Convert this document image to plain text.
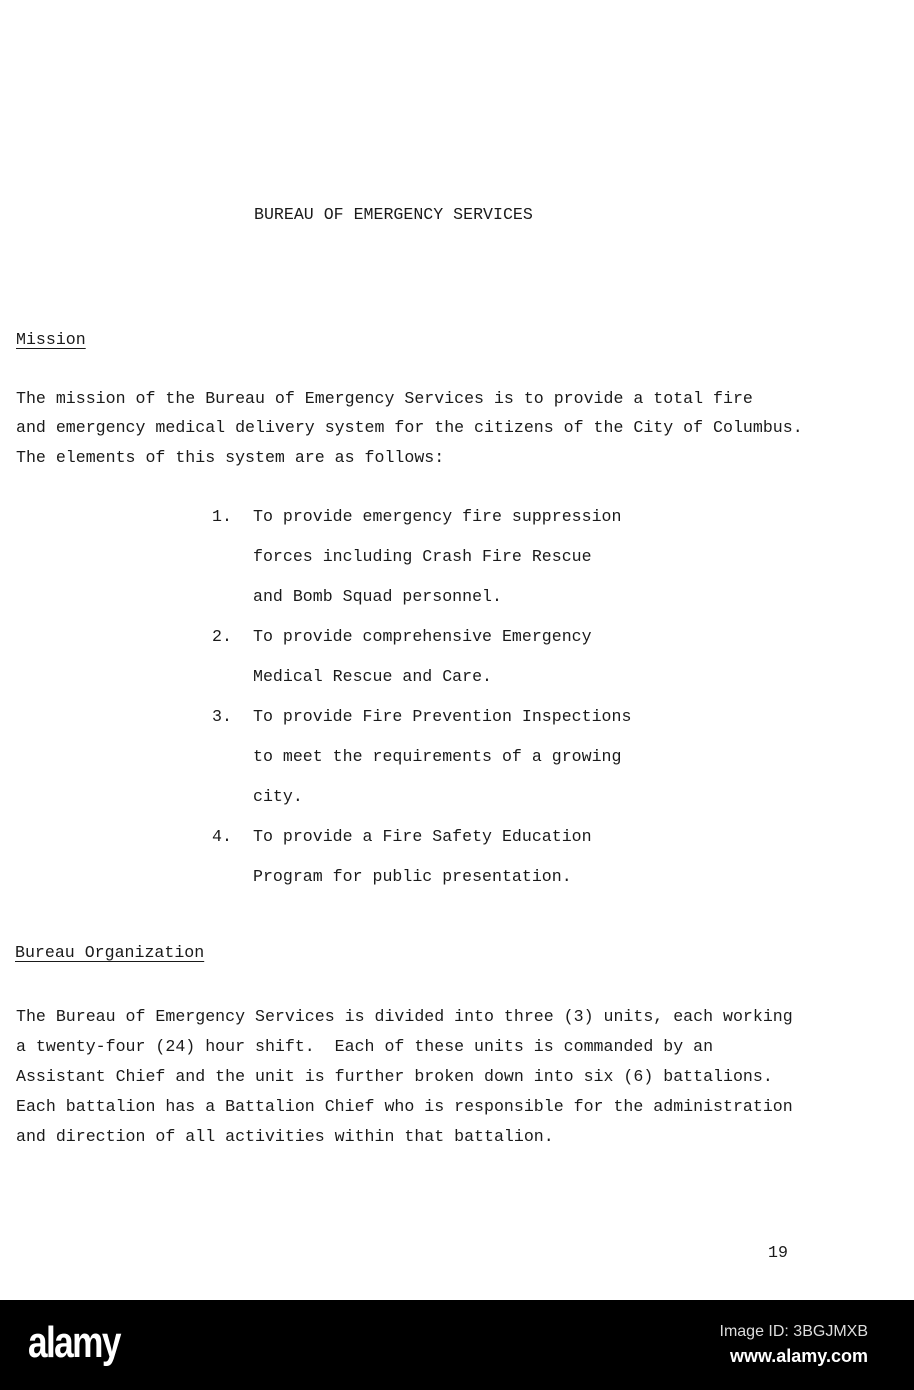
BUREAU OF EMERGENCY SERVICES
Mission
The mission of the Bureau of Emergency Services is to provide a total fire
and emergency medical delivery system for the citizens of the City of Columbus.
The elements of this system are as follows:
1. To provide emergency fire suppression
forces including Crash Fire Rescue
and Bomb Squad personnel.
2. To provide comprehensive Emergency
Medical Rescue and Care.
3. To provide Fire Prevention Inspections
to meet the requirements of a growing
city.
4. To provide a Fire Safety Education
Program for public presentation.
Bureau Organization
The Bureau of Emergency Services is divided into three (3) units, each working
a twenty-four (24) hour shift.  Each of these units is commanded by an
Assistant Chief and the unit is further broken down into six (6) battalions.
Each battalion has a Battalion Chief who is responsible for the administration
and direction of all activities within that battalion.
19
alamy	Image ID: 3BGJMXB
www.alamy.com
